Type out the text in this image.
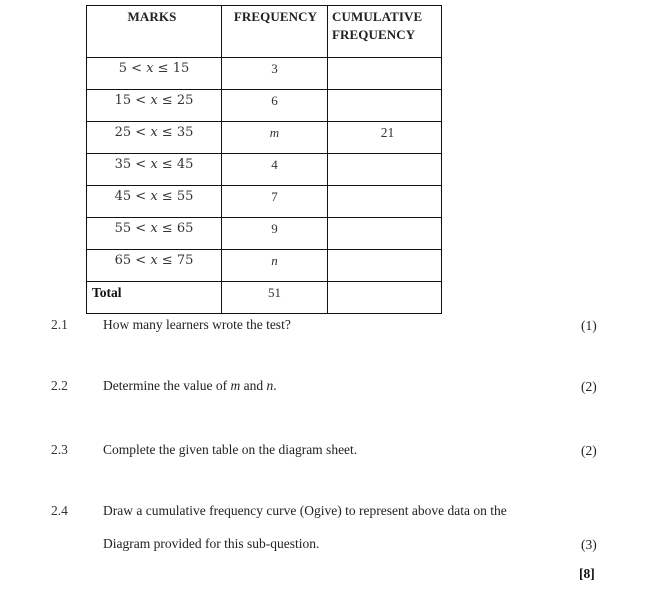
MARKS	FREQUENCY	CUMULATIVE
FREQUENCY

5 < x ≤ 15	3	

15 < x ≤ 25	6	

25 < x ≤ 35	m	21

35 < x ≤ 45	4	

45 < x ≤ 55	7	

55 < x ≤ 65	9	

65 < x ≤ 75	n	

Total	51	

2.1	How many learners wrote the test?	(1)
2.2	Determine the value of m and n.	(2)
2.3	Complete the given table on the diagram sheet.	(2)
2.4	Draw a cumulative frequency curve (Ogive) to represent above data on the
Diagram provided for this sub-question.	(3)
[8]
